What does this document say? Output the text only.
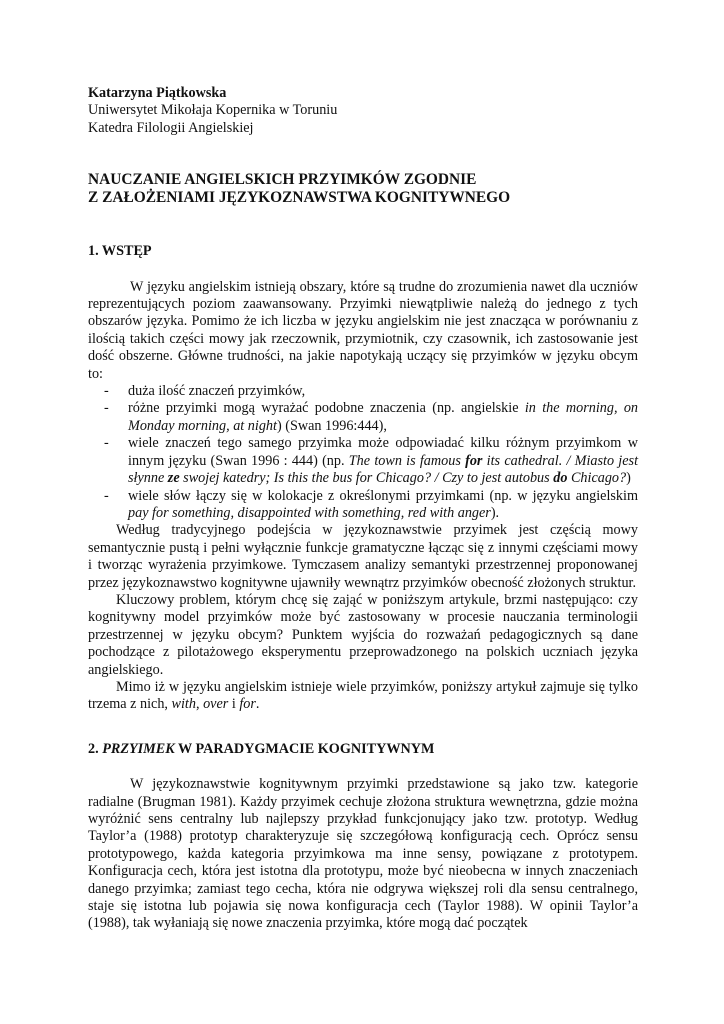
Katarzyna Piątkowska
Uniwersytet Mikołaja Kopernika w Toruniu
Katedra Filologii Angielskiej
NAUCZANIE ANGIELSKICH PRZYIMKÓW ZGODNIE
Z ZAŁOŻENIAMI JĘZYKOZNAWSTWA KOGNITYWNEGO
1. WSTĘP

W języku angielskim istnieją obszary, które są trudne do zrozumienia nawet dla uczniów reprezentujących poziom zaawansowany. Przyimki niewątpliwie należą do jednego z tych obszarów języka. Pomimo że ich liczba w języku angielskim nie jest znacząca w porównaniu z ilością takich części mowy jak rzeczownik, przymiotnik, czy czasownik, ich zastosowanie jest dość obszerne. Główne trudności, na jakie napotykają uczący się przyimków w języku obcym to:

- duża ilość znaczeń przyimków,
- różne przyimki mogą wyrażać podobne znaczenia (np. angielskie in the morning, on Monday morning, at night) (Swan 1996:444),
- wiele znaczeń tego samego przyimka może odpowiadać kilku różnym przyimkom w innym języku (Swan 1996 : 444) (np. The town is famous for its cathedral. / Miasto jest słynne ze swojej katedry; Is this the bus for Chicago? / Czy to jest autobus do Chicago?)
- wiele słów łączy się w kolokacje z określonymi przyimkami (np. w języku angielskim pay for something, disappointed with something, red with anger).

Według tradycyjnego podejścia w językoznawstwie przyimek jest częścią mowy semantycznie pustą i pełni wyłącznie funkcje gramatyczne łącząc się z innymi częściami mowy i tworząc wyrażenia przyimkowe. Tymczasem analizy semantyki przestrzennej proponowanej przez językoznawstwo kognitywne ujawniły wewnątrz przyimków obecność złożonych struktur.

Kluczowy problem, którym chcę się zająć w poniższym artykule, brzmi następująco: czy kognitywny model przyimków może być zastosowany w procesie nauczania terminologii przestrzennej w języku obcym? Punktem wyjścia do rozważań pedagogicznych są dane pochodzące z pilotażowego eksperymentu przeprowadzonego na polskich uczniach języka angielskiego.

Mimo iż w języku angielskim istnieje wiele przyimków, poniższy artykuł zajmuje się tylko trzema z nich, with, over i for.

2. PRZYIMEK W PARADYGMACIE KOGNITYWNYM

W językoznawstwie kognitywnym przyimki przedstawione są jako tzw. kategorie radialne (Brugman 1981). Każdy przyimek cechuje złożona struktura wewnętrzna, gdzie można wyróżnić sens centralny lub najlepszy przykład funkcjonujący jako tzw. prototyp. Według Taylor’a (1988) prototyp charakteryzuje się szczegółową konfiguracją cech. Oprócz sensu prototypowego, każda kategoria przyimkowa ma inne sensy, powiązane z prototypem. Konfiguracja cech, która jest istotna dla prototypu, może być nieobecna w innych znaczeniach danego przyimka; zamiast tego cecha, która nie odgrywa większej roli dla sensu centralnego, staje się istotna lub pojawia się nowa konfiguracja cech (Taylor 1988). W opinii Taylor’a (1988), tak wyłaniają się nowe znaczenia przyimka, które mogą dać początek
